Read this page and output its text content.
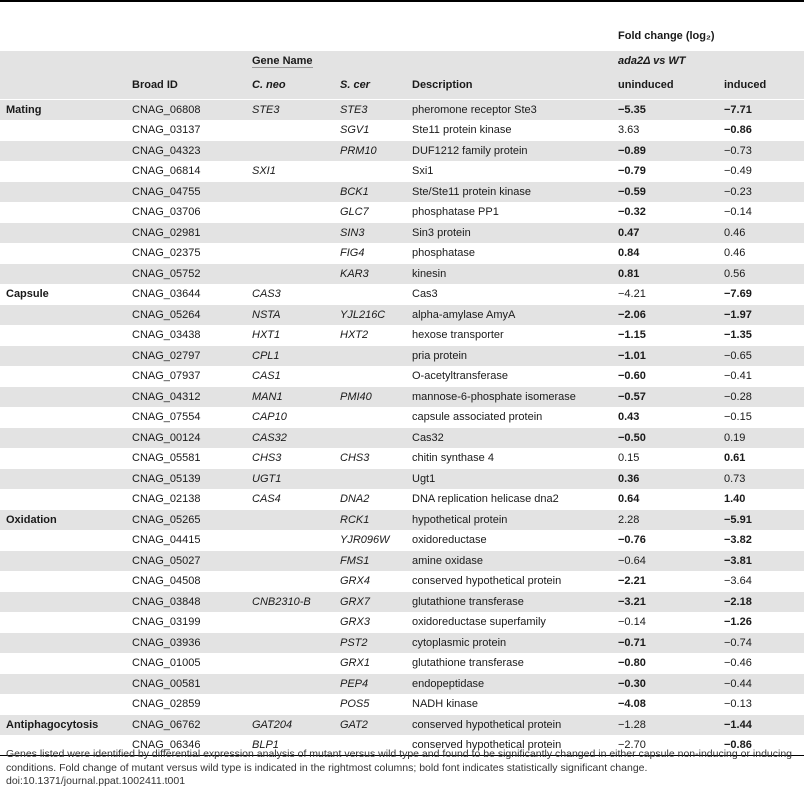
					Fold change (log₂)	
		Gene Name			ada2Δ vs WT	
	Broad ID	C. neo	S. cer	Description	uninduced	induced
Mating	CNAG_06808	STE3	STE3	pheromone receptor Ste3	−5.35	−7.71
	CNAG_03137		SGV1	Ste11 protein kinase	3.63	−0.86
	CNAG_04323		PRM10	DUF1212 family protein	−0.89	−0.73
	CNAG_06814	SXI1		Sxi1	−0.79	−0.49
	CNAG_04755		BCK1	Ste/Ste11 protein kinase	−0.59	−0.23
	CNAG_03706		GLC7	phosphatase PP1	−0.32	−0.14
	CNAG_02981		SIN3	Sin3 protein	0.47	0.46
	CNAG_02375		FIG4	phosphatase	0.84	0.46
	CNAG_05752		KAR3	kinesin	0.81	0.56
Capsule	CNAG_03644	CAS3		Cas3	−4.21	−7.69
	CNAG_05264	NSTA	YJL216C	alpha-amylase AmyA	−2.06	−1.97
	CNAG_03438	HXT1	HXT2	hexose transporter	−1.15	−1.35
	CNAG_02797	CPL1		pria protein	−1.01	−0.65
	CNAG_07937	CAS1		O-acetyltransferase	−0.60	−0.41
	CNAG_04312	MAN1	PMI40	mannose-6-phosphate isomerase	−0.57	−0.28
	CNAG_07554	CAP10		capsule associated protein	0.43	−0.15
	CNAG_00124	CAS32		Cas32	−0.50	0.19
	CNAG_05581	CHS3	CHS3	chitin synthase 4	0.15	0.61
	CNAG_05139	UGT1		Ugt1	0.36	0.73
	CNAG_02138	CAS4	DNA2	DNA replication helicase dna2	0.64	1.40
Oxidation	CNAG_05265		RCK1	hypothetical protein	2.28	−5.91
	CNAG_04415		YJR096W	oxidoreductase	−0.76	−3.82
	CNAG_05027		FMS1	amine oxidase	−0.64	−3.81
	CNAG_04508		GRX4	conserved hypothetical protein	−2.21	−3.64
	CNAG_03848	CNB2310-B	GRX7	glutathione transferase	−3.21	−2.18
	CNAG_03199		GRX3	oxidoreductase superfamily	−0.14	−1.26
	CNAG_03936		PST2	cytoplasmic protein	−0.71	−0.74
	CNAG_01005		GRX1	glutathione transferase	−0.80	−0.46
	CNAG_00581		PEP4	endopeptidase	−0.30	−0.44
	CNAG_02859		POS5	NADH kinase	−4.08	−0.13
Antiphagocytosis	CNAG_06762	GAT204	GAT2	conserved hypothetical protein	−1.28	−1.44
	CNAG_06346	BLP1		conserved hypothetical protein	−2.70	−0.86
Genes listed were identified by differential expression analysis of mutant versus wild type and found to be significantly changed in either capsule non-inducing or inducing conditions. Fold change of mutant versus wild type is indicated in the rightmost columns; bold font indicates statistically significant change.
doi:10.1371/journal.ppat.1002411.t001
